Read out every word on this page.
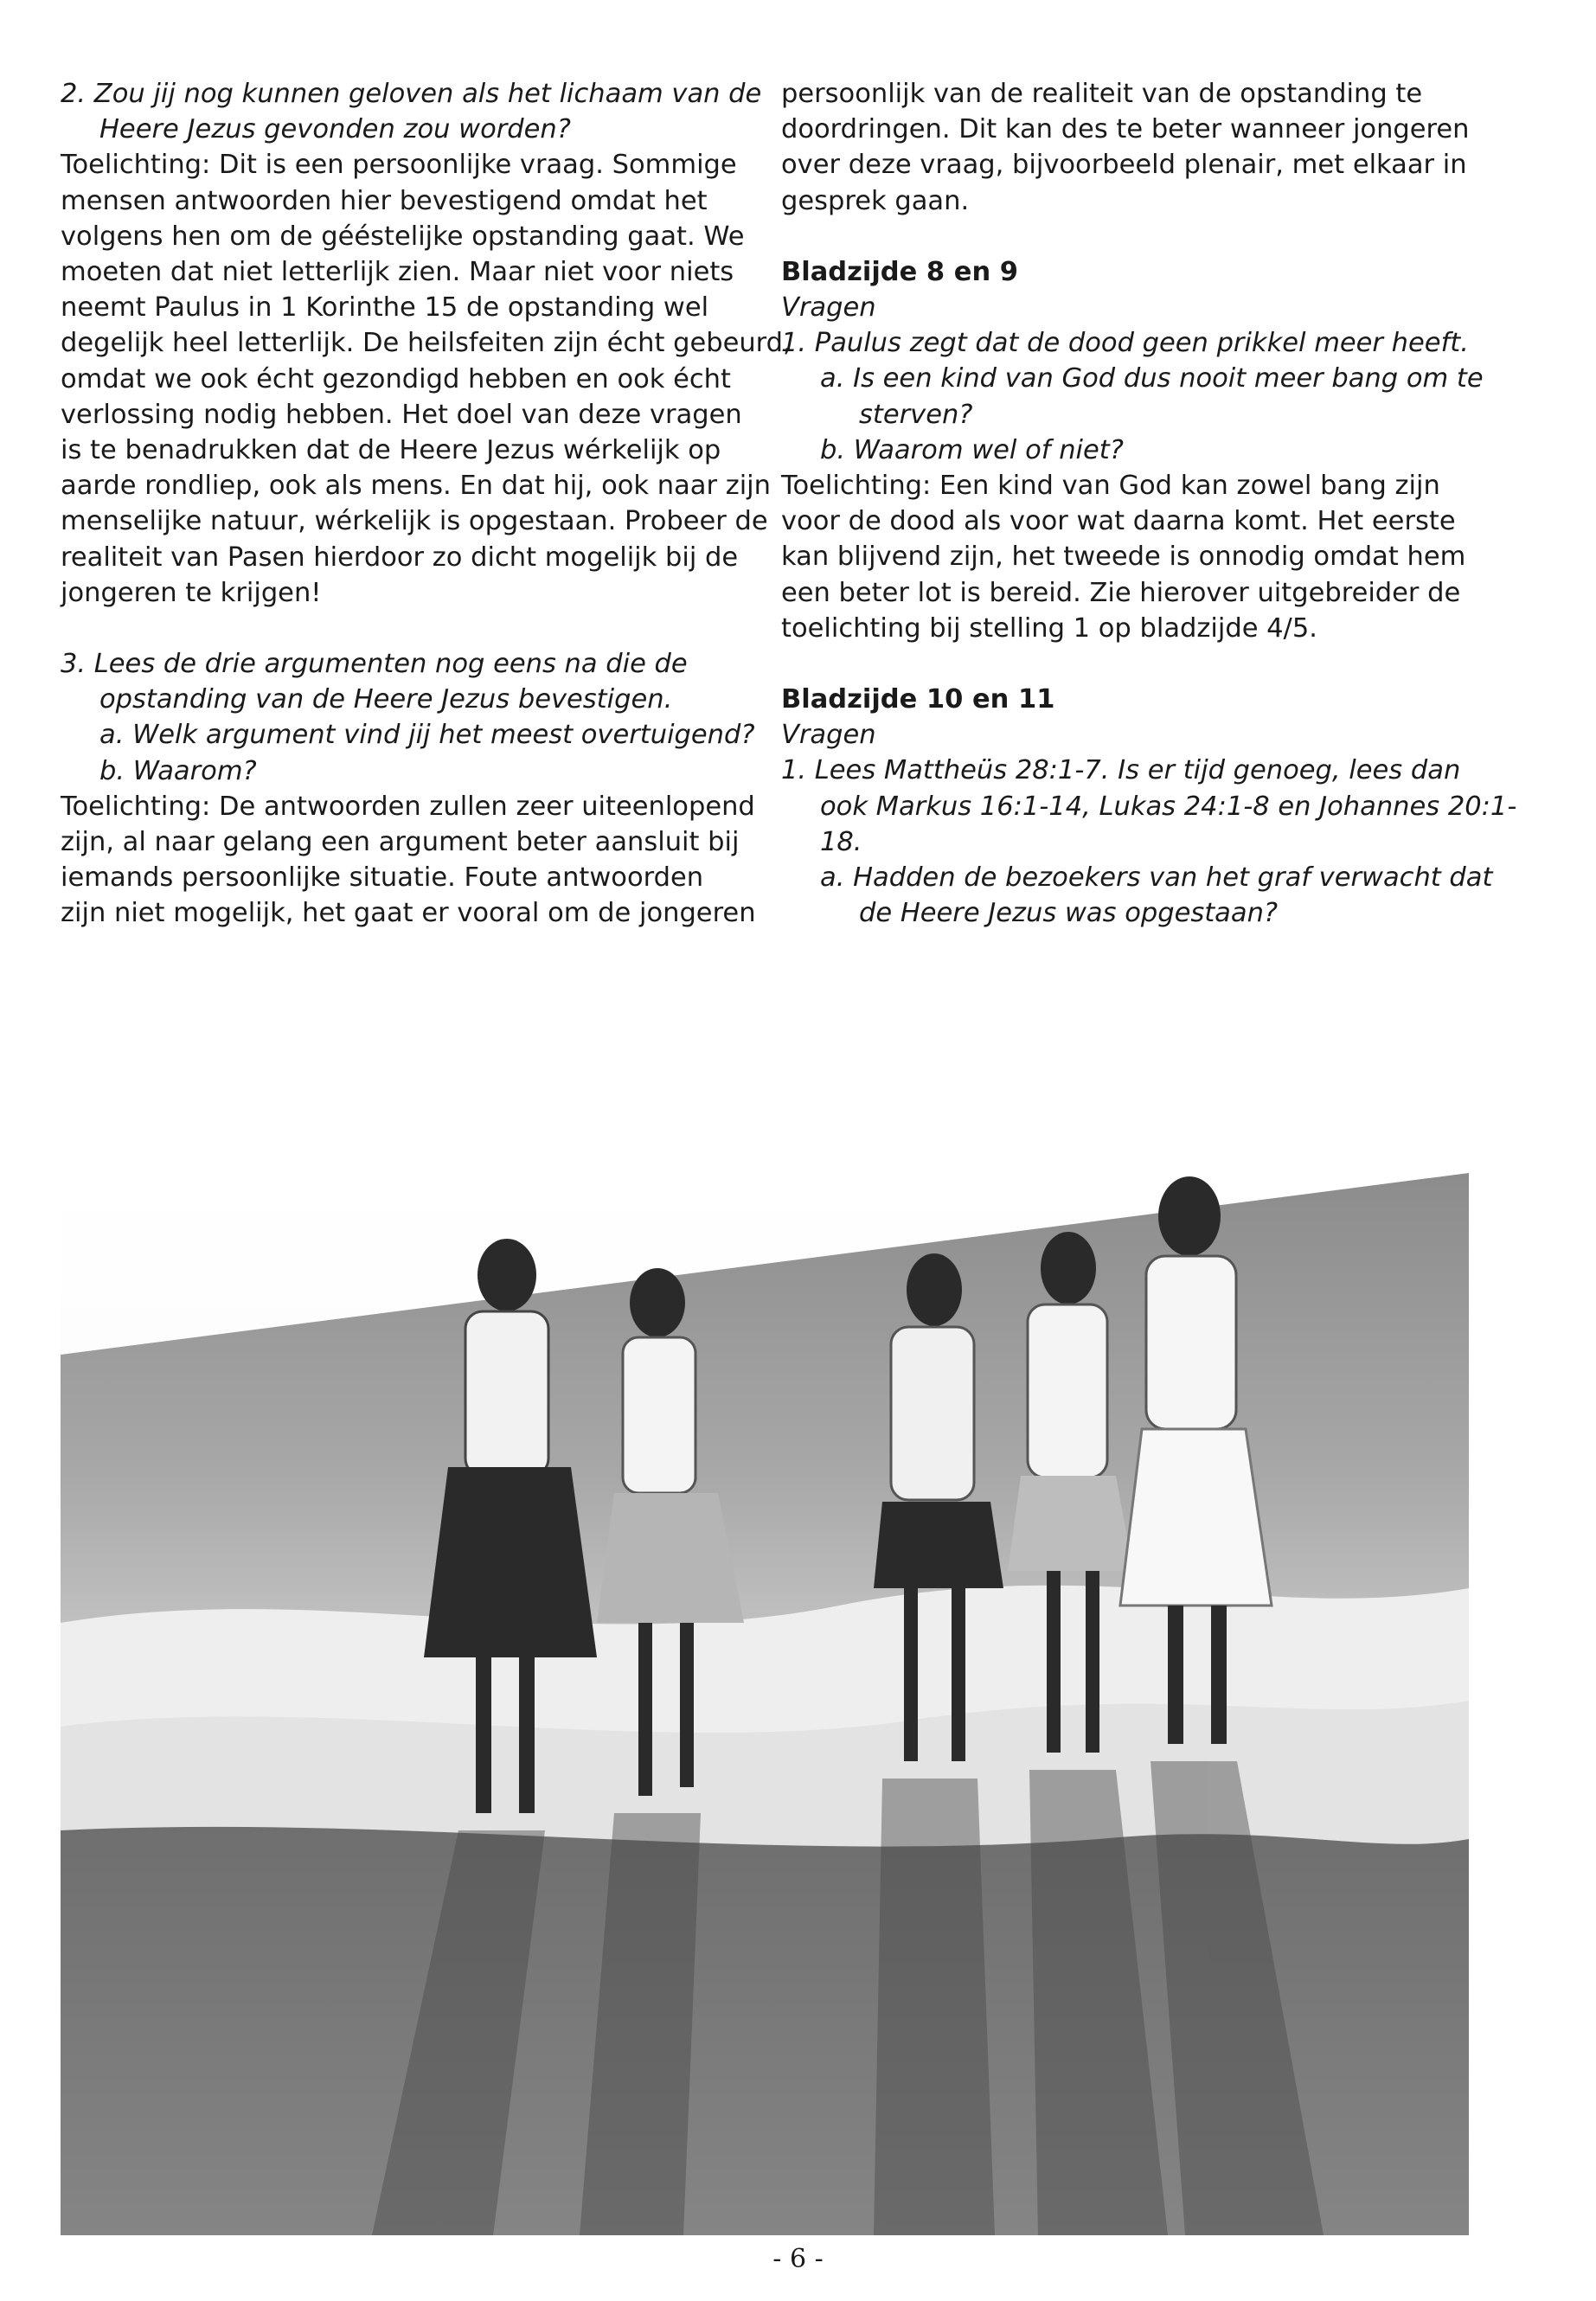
2. Zou jij nog kunnen geloven als het lichaam van de
Heere Jezus gevonden zou worden?
Toelichting: Dit is een persoonlijke vraag. Sommige
mensen antwoorden hier bevestigend omdat het
volgens hen om de gééstelijke opstanding gaat. We
moeten dat niet letterlijk zien. Maar niet voor niets
neemt Paulus in 1 Korinthe 15 de opstanding wel
degelijk heel letterlijk. De heilsfeiten zijn écht gebeurd,
omdat we ook écht gezondigd hebben en ook écht
verlossing nodig hebben. Het doel van deze vragen
is te benadrukken dat de Heere Jezus wérkelijk op
aarde rondliep, ook als mens. En dat hij, ook naar zijn
menselijke natuur, wérkelijk is opgestaan. Probeer de
realiteit van Pasen hierdoor zo dicht mogelijk bij de
jongeren te krijgen!
3. Lees de drie argumenten nog eens na die de
opstanding van de Heere Jezus bevestigen.
a. Welk argument vind jij het meest overtuigend?
b. Waarom?
Toelichting: De antwoorden zullen zeer uiteenlopend
zijn, al naar gelang een argument beter aansluit bij
iemands persoonlijke situatie. Foute antwoorden
zijn niet mogelijk, het gaat er vooral om de jongeren
persoonlijk van de realiteit van de opstanding te
doordringen. Dit kan des te beter wanneer jongeren
over deze vraag, bijvoorbeeld plenair, met elkaar in
gesprek gaan.
Bladzijde 8 en 9
Vragen
1. Paulus zegt dat de dood geen prikkel meer heeft.
a. Is een kind van God dus nooit meer bang om te
sterven?
b. Waarom wel of niet?
Toelichting: Een kind van God kan zowel bang zijn
voor de dood als voor wat daarna komt. Het eerste
kan blijvend zijn, het tweede is onnodig omdat hem
een beter lot is bereid. Zie hierover uitgebreider de
toelichting bij stelling 1 op bladzijde 4/5.
Bladzijde 10 en 11
Vragen
1. Lees Mattheüs 28:1-7. Is er tijd genoeg, lees dan
ook Markus 16:1-14, Lukas 24:1-8 en Johannes 20:1-
18.
a. Hadden de bezoekers van het graf verwacht dat
de Heere Jezus was opgestaan?
- 6 -
